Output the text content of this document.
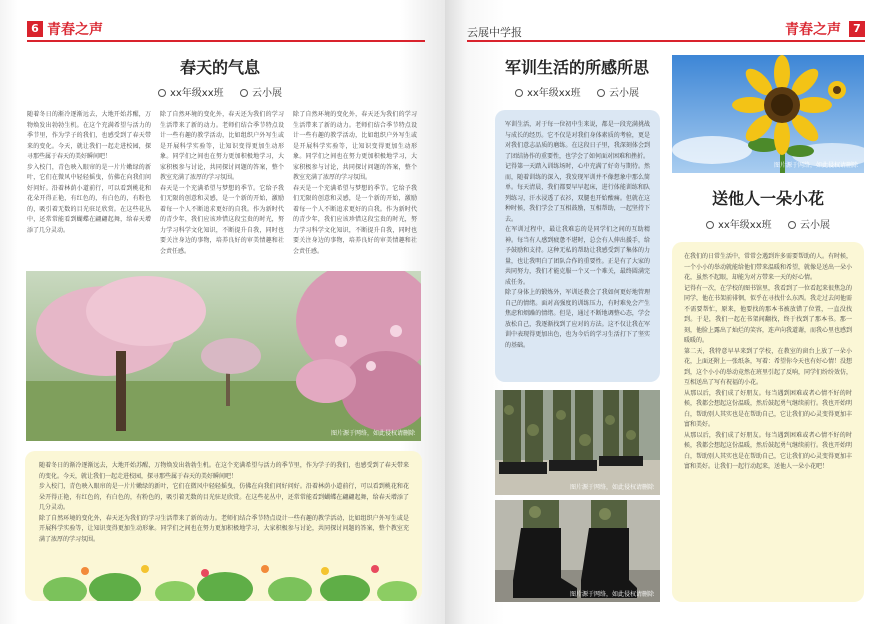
6 青春之声
春天的气息
xx年级xx班	云小展
随着冬日的渐冷逐渐远去，大地开始苏醒，万物焕发出勃勃生机。在这个充满希望与活力的季节里，作为学子的我们，也感受到了春天带来的变化。今天，就让我们一起走进校园，探寻那些属于春天的美好瞬间吧！
步入校门，青色映入眼帘的是一片片嫩绿的新叶，它们在微风中轻轻摇曳，仿佛在向我们问好问好。沿着林荫小道前行，可以看到桃花和花朵开得正艳，有红色的，有白色的，有粉色的，吸引着无数的目光驻足欣赏。在这些花丛中，还常常能看到蝴蝶在翩翩起舞，给春天增添了几分灵动。
除了自然环境的变化外，春天还为我们的学习生活带来了新的动力。老师们结合季节特点设计一些有趣的教学活动，比如组织户外写生或是开展科学实验等，让知识变得更加生动形象。同学们之间也在努力更加积极地学习，大家积极参与讨论，共同探讨问题的答案，整个教室充满了浓厚的学习氛围。
春天是一个充满希望与梦想的季节。它给予我们无限的创意和灵感，是一个新的开始，激励着每一个人不断追求更好的自我。作为新时代的青少年，我们应该珍惜这段宝贵的时光，努力学习科学文化知识，不断提升自我，同时也要关注身边的事物，培养良好的审美情趣和社会责任感。
除了自然环境的变化外，春天还为我们的学习生活带来了新的动力。老师们结合季节特点设计一些有趣的教学活动，比如组织户外写生或是开展科学实验等，让知识变得更加生动形象。同学们之间也在努力更加积极地学习，大家积极参与讨论，共同探讨问题的答案，整个教室充满了浓厚的学习氛围。
春天是一个充满希望与梦想的季节。它给予我们无限的创意和灵感，是一个新的开始，激励着每一个人不断追求更好的自我。作为新时代的青少年，我们应该珍惜这段宝贵的时光，努力学习科学文化知识，不断提升自我，同时也要关注身边的事物，培养良好的审美情趣和社会责任感。
图片源于网络，如此侵权请删除
随着冬日的渐冷逐渐远去，大地开始苏醒，万物焕发出勃勃生机。在这个充满希望与活力的季节里，作为学子的我们，也感受到了春天带来的变化。今天，就让我们一起走进校园，探寻那些属于春天的美好瞬间吧！
步入校门，青色映入眼帘的是一片片嫩绿的新叶，它们在微风中轻轻摇曳，仿佛在向我们问好问好。沿着林荫小道前行，可以看到桃花和花朵开得正艳，有红色的，有白色的，有粉色的，吸引着无数的目光驻足欣赏。在这些花丛中，还常常能看到蝴蝶在翩翩起舞，给春天增添了几分灵动。
除了自然环境的变化外，春天还为我们的学习生活带来了新的动力。老师们结合季节特点设计一些有趣的教学活动，比如组织户外写生或是开展科学实验等，让知识变得更加生动形象。同学们之间也在努力更加积极地学习，大家积极参与讨论，共同探讨问题的答案，整个教室充满了浓厚的学习氛围。
云展中学报	青春之声	7
军训生活的所感所思
xx年级xx班	云小展
军训生活，对于每一位初中生来说，都是一段充满挑战与成长的经历。它不仅是对我们身体素质的考验，更是对我们意志品质的磨练。在这段日子里，我深刻体会到了团结协作的重要性，也学会了如何面对困难和挫折。
记得第一天踏入训练场时，心中充满了好奇与期待。然而，随着训练的深入，我发现军训并不像想象中那么简单。每天清晨，我们都要早早起床，进行体能训练和队列练习，汗水浸透了衣衫，双腿也开始酸痛。但就在这种时候，我们学会了互相鼓励，互相帮助，一起坚持下去。
在军训过程中，最让我难忘的是同学们之间的互助精神。每当有人感到疲惫不堪时，总会有人伸出援手，给予鼓励和支持。这种无私的帮助让我感受到了集体的力量，也让我明白了团队合作的重要性。正是有了大家的共同努力，我们才能克服一个又一个难关，最终圆满完成任务。
除了身体上的锻炼外，军训还教会了我如何更好地管理自己的情绪。面对高强度的训练压力，有时难免会产生焦虑和烦躁的情绪。但是，通过不断地调整心态，学会放松自己，我逐渐找到了应对的方法。这不仅让我在军训中表现得更加出色，也为今后的学习生活打下了坚实的基础。
图片源于网络，如此侵权请删除
图片源于网络，如此侵权请删除
图片源于网络，如此侵权请删除
送他人一朵小花
xx年级xx班	云小展
在我们的日常生活中，常常会遇到许多需要帮助的人。有时候，一个小小的举动就能给他们带来温暖和希望，就像是送出一朵小花，虽然不起眼，却能为对方带来一天的好心情。
记得有一次，在学校的图书馆里，我看到了一位看起来很焦急的同学，他在书架前徘徊，似乎在寻找什么东西。我走过去问他需不需要帮忙，原来，他要找的那本书被放错了位置，一直没找到。于是，我们一起在书架间翻找，终于找到了那本书。那一刻，他脸上露出了灿烂的笑容，连声向我道谢，而我心里也感到暖暖的。
第二天，我特意早早来到了学校，在教室的窗台上放了一朵小花，上面还附上一张纸条，写着：希望你今天也有好心情！没想到，这个小小的举动竟然在班里引起了反响，同学们纷纷效仿，互相送出了写有祝福的小花。
从那以后，我们成了好朋友。每当遇到困难或者心情不好的时候，我都会想起这份温暖，然后鼓起勇气继续前行。我也开始明白，帮助别人其实也是在帮助自己，它让我们的心灵变得更加丰富和美好。
从那以后，我们成了好朋友。每当遇到困难或者心情不好的时候，我都会想起这份温暖，然后鼓起勇气继续前行。我也开始明白，帮助别人其实也是在帮助自己，它让我们的心灵变得更加丰富和美好。让我们一起行动起来，送他人一朵小花吧！
